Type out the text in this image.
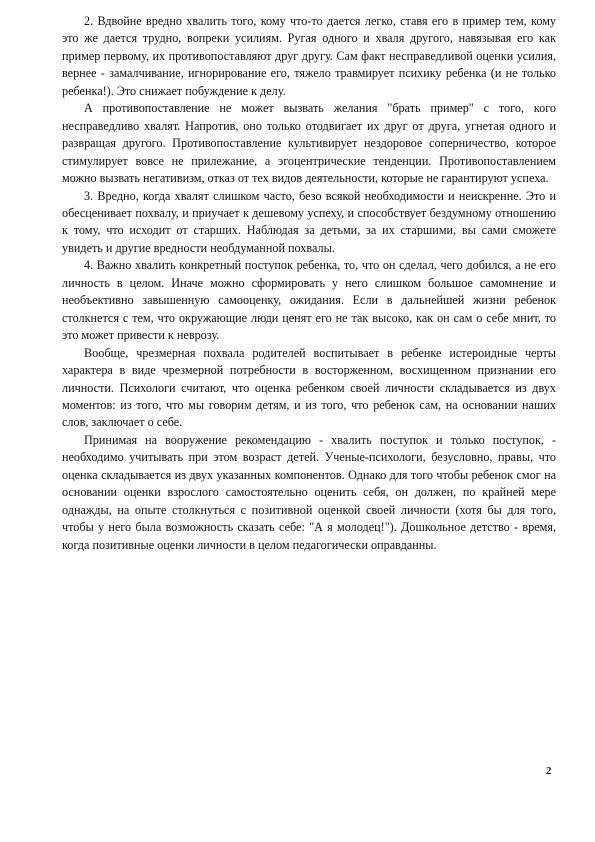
2. Вдвойне вредно хвалить того, кому что-то дается легко, ставя его в пример тем, кому это же дается трудно, вопреки усилиям. Ругая одного и хваля другого, навязывая его как пример первому, их противопоставляют друг другу. Сам факт несправедливой оценки усилия, вернее - замалчивание, игнорирование его, тяжело травмирует психику ребенка (и не только ребенка!). Это снижает побуждение к делу.

А противопоставление не может вызвать желания "брать пример" с того, кого несправедливо хвалят. Напротив, оно только отодвигает их друг от друга, угнетая одного и развращая другого. Противопоставление культивирует нездоровое соперничество, которое стимулирует вовсе не прилежание, а эгоцентрические тенденции. Противопоставлением можно вызвать негативизм, отказ от тех видов деятельности, которые не гарантируют успеха.

3. Вредно, когда хвалят слишком часто, безо всякой необходимости и неискренне. Это и обесценивает похвалу, и приучает к дешевому успеху, и способствует бездумному отношению к тому, что исходит от старших. Наблюдая за детьми, за их старшими, вы сами сможете увидеть и другие вредности необдуманной похвалы.

4. Важно хвалить конкретный поступок ребенка, то, что он сделал, чего добился, а не его личность в целом. Иначе можно сформировать у него слишком большое самомнение и необъективно завышенную самооценку, ожидания. Если в дальнейшей жизни ребенок столкнется с тем, что окружающие люди ценят его не так высоко, как он сам о себе мнит, то это может привести к неврозу.

Вообще, чрезмерная похвала родителей воспитывает в ребенке истероидные черты характера в виде чрезмерной потребности в восторженном, восхищенном признании его личности. Психологи считают, что оценка ребенком своей личности складывается из двух моментов: из того, что мы говорим детям, и из того, что ребенок сам, на основании наших слов, заключает о себе.

Принимая на вооружение рекомендацию - хвалить поступок и только поступок, - необходимо учитывать при этом возраст детей. Ученые-психологи, безусловно, правы, что оценка складывается из двух указанных компонентов. Однако для того чтобы ребенок смог на основании оценки взрослого самостоятельно оценить себя, он должен, по крайней мере однажды, на опыте столкнуться с позитивной оценкой своей личности (хотя бы для того, чтобы у него была возможность сказать себе: "А я молодец!"). Дошкольное детство - время, когда позитивные оценки личности в целом педагогически оправданны.

2
